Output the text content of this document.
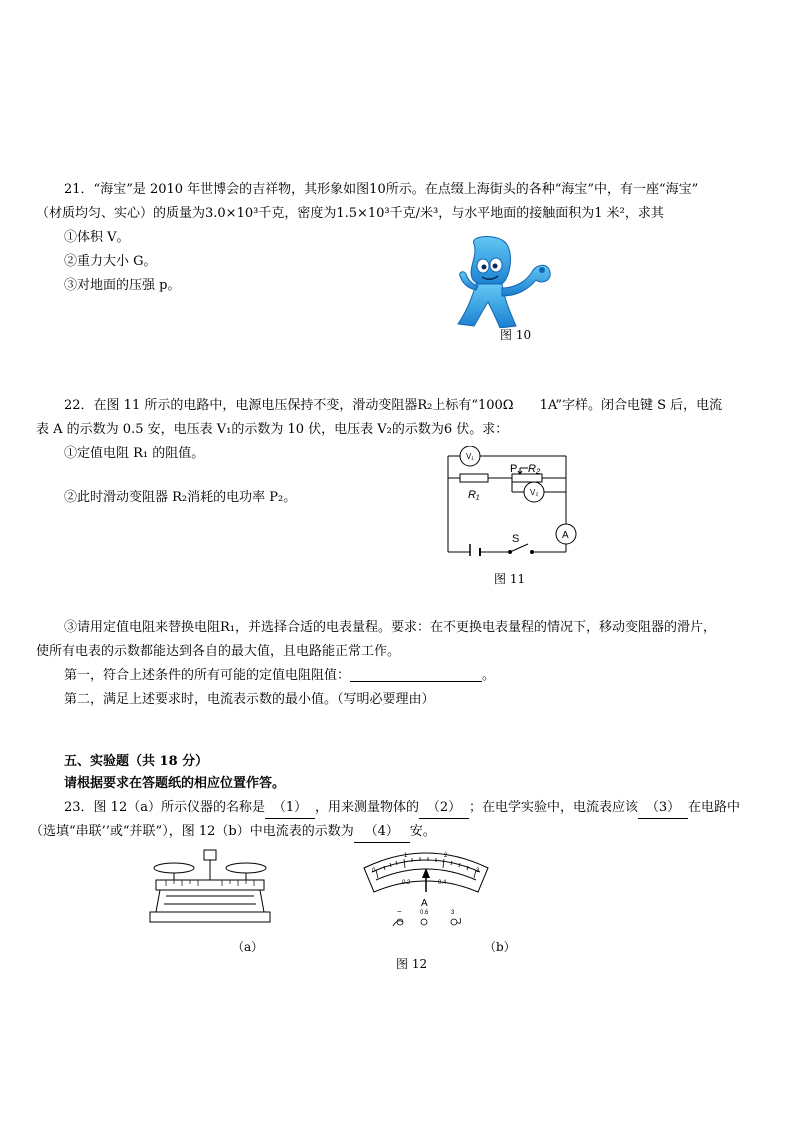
21．“海宝”是 2010 年世博会的吉祥物，其形象如图10所示。在点缀上海街头的各种“海宝”中，有一座“海宝”
（材质均匀、实心）的质量为3.0×10³千克，密度为1.5×10³千克/米³，与水平地面的接触面积为1 米²，求其
①体积 V。
②重力大小 G。
③对地面的压强 p。
图 10
22．在图 11 所示的电路中，电源电压保持不变，滑动变阻器R₂上标有“100Ω　　1A”字样。闭合电键 S 后，电流
表 A 的示数为 0.5 安，电压表 V₁的示数为 10 伏，电压表 V₂的示数为6 伏。求：
①定值电阻 R₁ 的阻值。
②此时滑动变阻器 R₂消耗的电功率 P₂。
V₁
V₂
A
P R₂
R₁
S
图 11
③请用定值电阻来替换电阻R₁，并选择合适的电表量程。要求：在不更换电表量程的情况下，移动变阻器的滑片，
使所有电表的示数都能达到各自的最大值，且电路能正常工作。
第一，符合上述条件的所有可能的定值电阻阻值：	。
第二，满足上述要求时，电流表示数的最小值。（写明必要理由）
五、实验题（共 18 分）
请根据要求在答题纸的相应位置作答。
23．图 12（a）所示仪器的名称是 （1） ，用来测量物体的 （2） ；在电学实验中，电流表应该 （3） 在电路中
（选填“串联’’或“并联”），图 12（b）中电流表的示数为 （4） 安。
（a）
0
1	2
3
0.2	0.4
A
−	0.6	3
（b）
图 12
